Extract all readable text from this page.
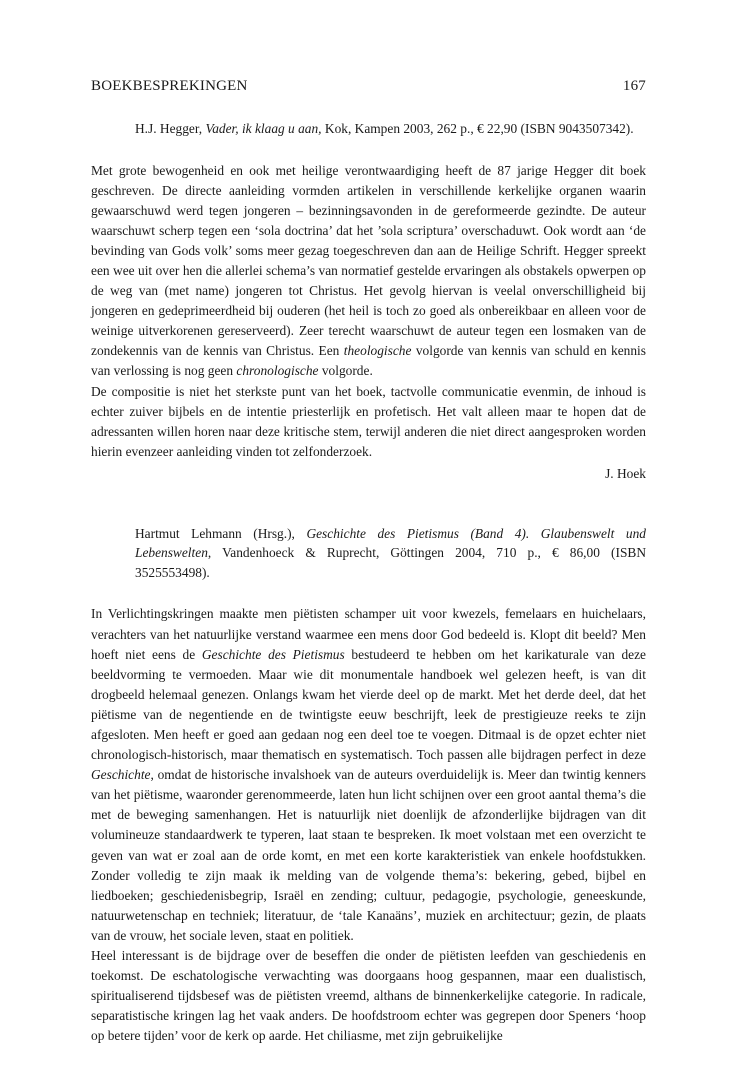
BOEKBESPREKINGEN	167
H.J. Hegger, Vader, ik klaag u aan, Kok, Kampen 2003, 262 p., € 22,90 (ISBN 9043507342).

Met grote bewogenheid en ook met heilige verontwaardiging heeft de 87 jarige Hegger dit boek geschreven. De directe aanleiding vormden artikelen in verschillende kerkelijke organen waarin gewaarschuwd werd tegen jongeren – bezinningsavonden in de gereformeerde gezindte. De auteur waarschuwt scherp tegen een ‘sola doctrina’ dat het ’sola scriptura’ overschaduwt. Ook wordt aan ‘de bevinding van Gods volk’ soms meer gezag toegeschreven dan aan de Heilige Schrift. Hegger spreekt een wee uit over hen die allerlei schema’s van normatief gestelde ervaringen als obstakels opwerpen op de weg van (met name) jongeren tot Christus. Het gevolg hiervan is veelal onverschilligheid bij jongeren en gedeprimeerdheid bij ouderen (het heil is toch zo goed als onbereikbaar en alleen voor de weinige uitverkorenen gereserveerd). Zeer terecht waarschuwt de auteur tegen een losmaken van de zondekennis van de kennis van Christus. Een theologische volgorde van kennis van schuld en kennis van verlossing is nog geen chronologische volgorde.

De compositie is niet het sterkste punt van het boek, tactvolle communicatie evenmin, de inhoud is echter zuiver bijbels en de intentie priesterlijk en profetisch. Het valt alleen maar te hopen dat de adressanten willen horen naar deze kritische stem, terwijl anderen die niet direct aangesproken worden hierin evenzeer aanleiding vinden tot zelfonderzoek.

J. Hoek
Hartmut Lehmann (Hrsg.), Geschichte des Pietismus (Band 4). Glaubenswelt und Lebenswelten, Vandenhoeck & Ruprecht, Göttingen 2004, 710 p., € 86,00 (ISBN 3525553498).

In Verlichtingskringen maakte men piëtisten schamper uit voor kwezels, femelaars en huichelaars, verachters van het natuurlijke verstand waarmee een mens door God bedeeld is. Klopt dit beeld? Men hoeft niet eens de Geschichte des Pietismus bestudeerd te hebben om het karikaturale van deze beeldvorming te vermoeden. Maar wie dit monumentale handboek wel gelezen heeft, is van dit drogbeeld helemaal genezen. Onlangs kwam het vierde deel op de markt. Met het derde deel, dat het piëtisme van de negentiende en de twintigste eeuw beschrijft, leek de prestigieuze reeks te zijn afgesloten. Men heeft er goed aan gedaan nog een deel toe te voegen. Ditmaal is de opzet echter niet chronologisch-historisch, maar thematisch en systematisch. Toch passen alle bijdragen perfect in deze Geschichte, omdat de historische invalshoek van de auteurs overduidelijk is. Meer dan twintig kenners van het piëtisme, waaronder gerenommeerde, laten hun licht schijnen over een groot aantal thema’s die met de beweging samenhangen. Het is natuurlijk niet doenlijk de afzonderlijke bijdragen van dit volumineuze standaardwerk te typeren, laat staan te bespreken. Ik moet volstaan met een overzicht te geven van wat er zoal aan de orde komt, en met een korte karakteristiek van enkele hoofdstukken. Zonder volledig te zijn maak ik melding van de volgende thema’s: bekering, gebed, bijbel en liedboeken; geschiedenisbegrip, Israël en zending; cultuur, pedagogie, psychologie, geneeskunde, natuurwetenschap en techniek; literatuur, de ‘tale Kanaäns’, muziek en architectuur; gezin, de plaats van de vrouw, het sociale leven, staat en politiek.

Heel interessant is de bijdrage over de beseffen die onder de piëtisten leefden van geschiedenis en toekomst. De eschatologische verwachting was doorgaans hoog gespannen, maar een dualistisch, spiritualiserend tijdsbesef was de piëtisten vreemd, althans de binnenkerkelijke categorie. In radicale, separatistische kringen lag het vaak anders. De hoofdstroom echter was gegrepen door Speners ‘hoop op betere tijden’ voor de kerk op aarde. Het chiliasme, met zijn gebruikelijke
